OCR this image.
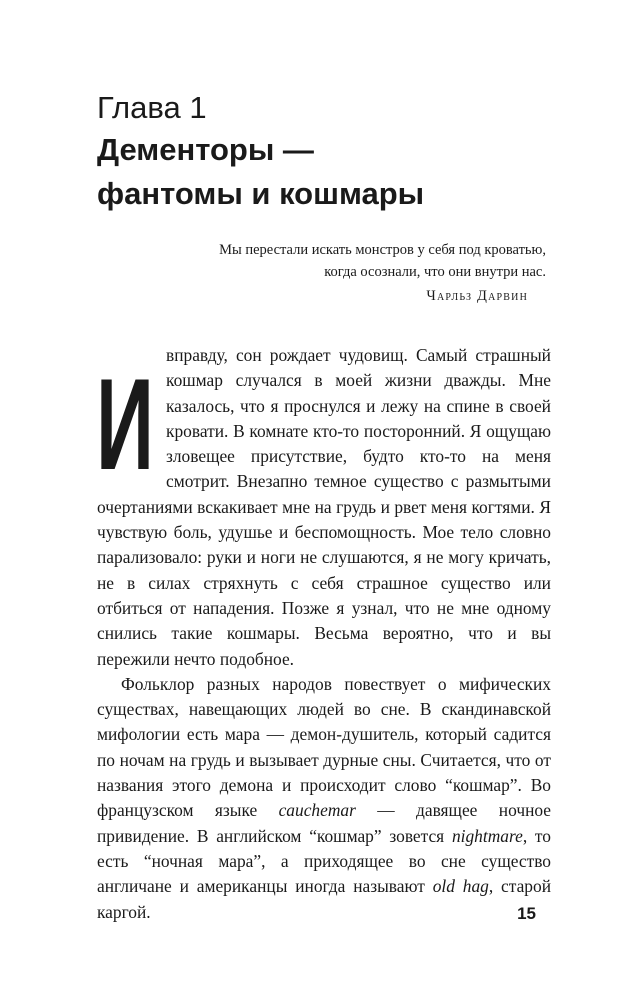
Глава 1
Дементоры —
фантомы и кошмары
Мы перестали искать монстров у себя под кроватью,
когда осознали, что они внутри нас.
Чарльз Дарвин

И вправду, сон рождает чудовищ. Самый страшный кошмар случался в моей жизни дважды. Мне казалось, что я проснулся и лежу на спине в своей кровати. В комнате кто-то посторонний. Я ощущаю зловещее присутствие, будто кто-то на меня смотрит. Внезапно темное существо с размытыми очертаниями вскакивает мне на грудь и рвет меня когтями. Я чувствую боль, удушье и беспомощность. Мое тело словно парализовало: руки и ноги не слушаются, я не могу кричать, не в силах стряхнуть с себя страшное существо или отбиться от нападения. Позже я узнал, что не мне одному снились такие кошмары. Весьма вероятно, что и вы пережили нечто подобное.

Фольклор разных народов повествует о мифических существах, навещающих людей во сне. В скандинавской мифологии есть мара — демон-душитель, который садится по ночам на грудь и вызывает дурные сны. Считается, что от названия этого демона и происходит слово “кошмар”. Во французском языке cauchemar — давящее ночное привидение. В английском “кошмар” зовется nightmare, то есть “ночная мара”, а приходящее во сне существо англичане и американцы иногда называют old hag, старой каргой.	15
